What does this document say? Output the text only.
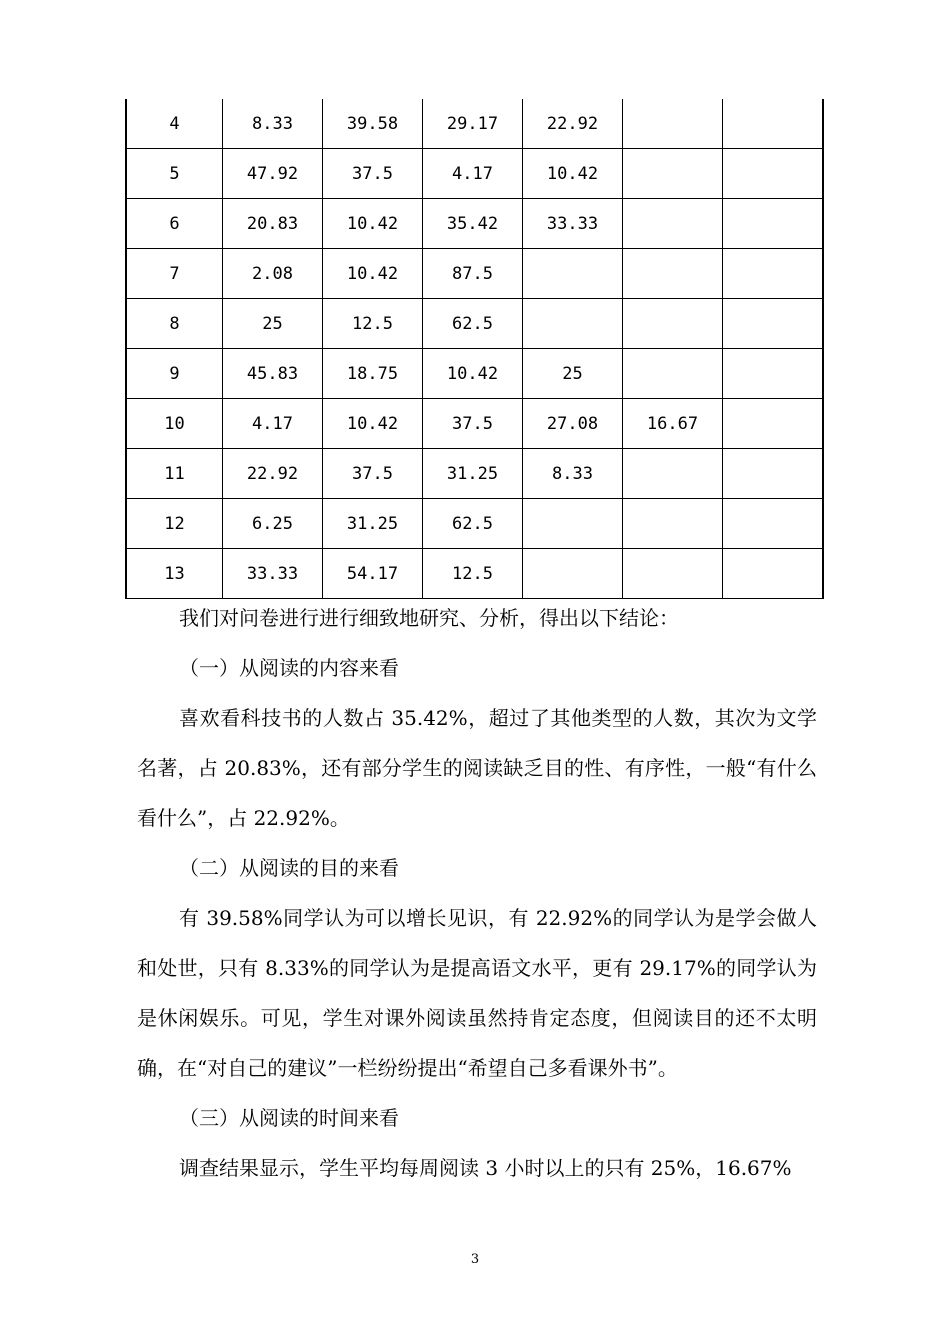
4	8.33	39.58	29.17	22.92		
5	47.92	37.5	4.17	10.42		
6	20.83	10.42	35.42	33.33		
7	2.08	10.42	87.5			
8	25	12.5	62.5			
9	45.83	18.75	10.42	25		
10	4.17	10.42	37.5	27.08	16.67	
11	22.92	37.5	31.25	8.33		
12	6.25	31.25	62.5			
13	33.33	54.17	12.5			

我们对问卷进行进行细致地研究、分析，得出以下结论：

（一）从阅读的内容来看

喜欢看科技书的人数占 35.42%，超过了其他类型的人数，其次为文学名著，占 20.83%，还有部分学生的阅读缺乏目的性、有序性，一般“有什么看什么”，占 22.92%。

（二）从阅读的目的来看

有 39.58%同学认为可以增长见识，有 22.92%的同学认为是学会做人和处世，只有 8.33%的同学认为是提高语文水平，更有 29.17%的同学认为是休闲娱乐。可见，学生对课外阅读虽然持肯定态度，但阅读目的还不太明确，在“对自己的建议”一栏纷纷提出“希望自己多看课外书”。

（三）从阅读的时间来看

调查结果显示，学生平均每周阅读 3 小时以上的只有 25%，16.67%

3
